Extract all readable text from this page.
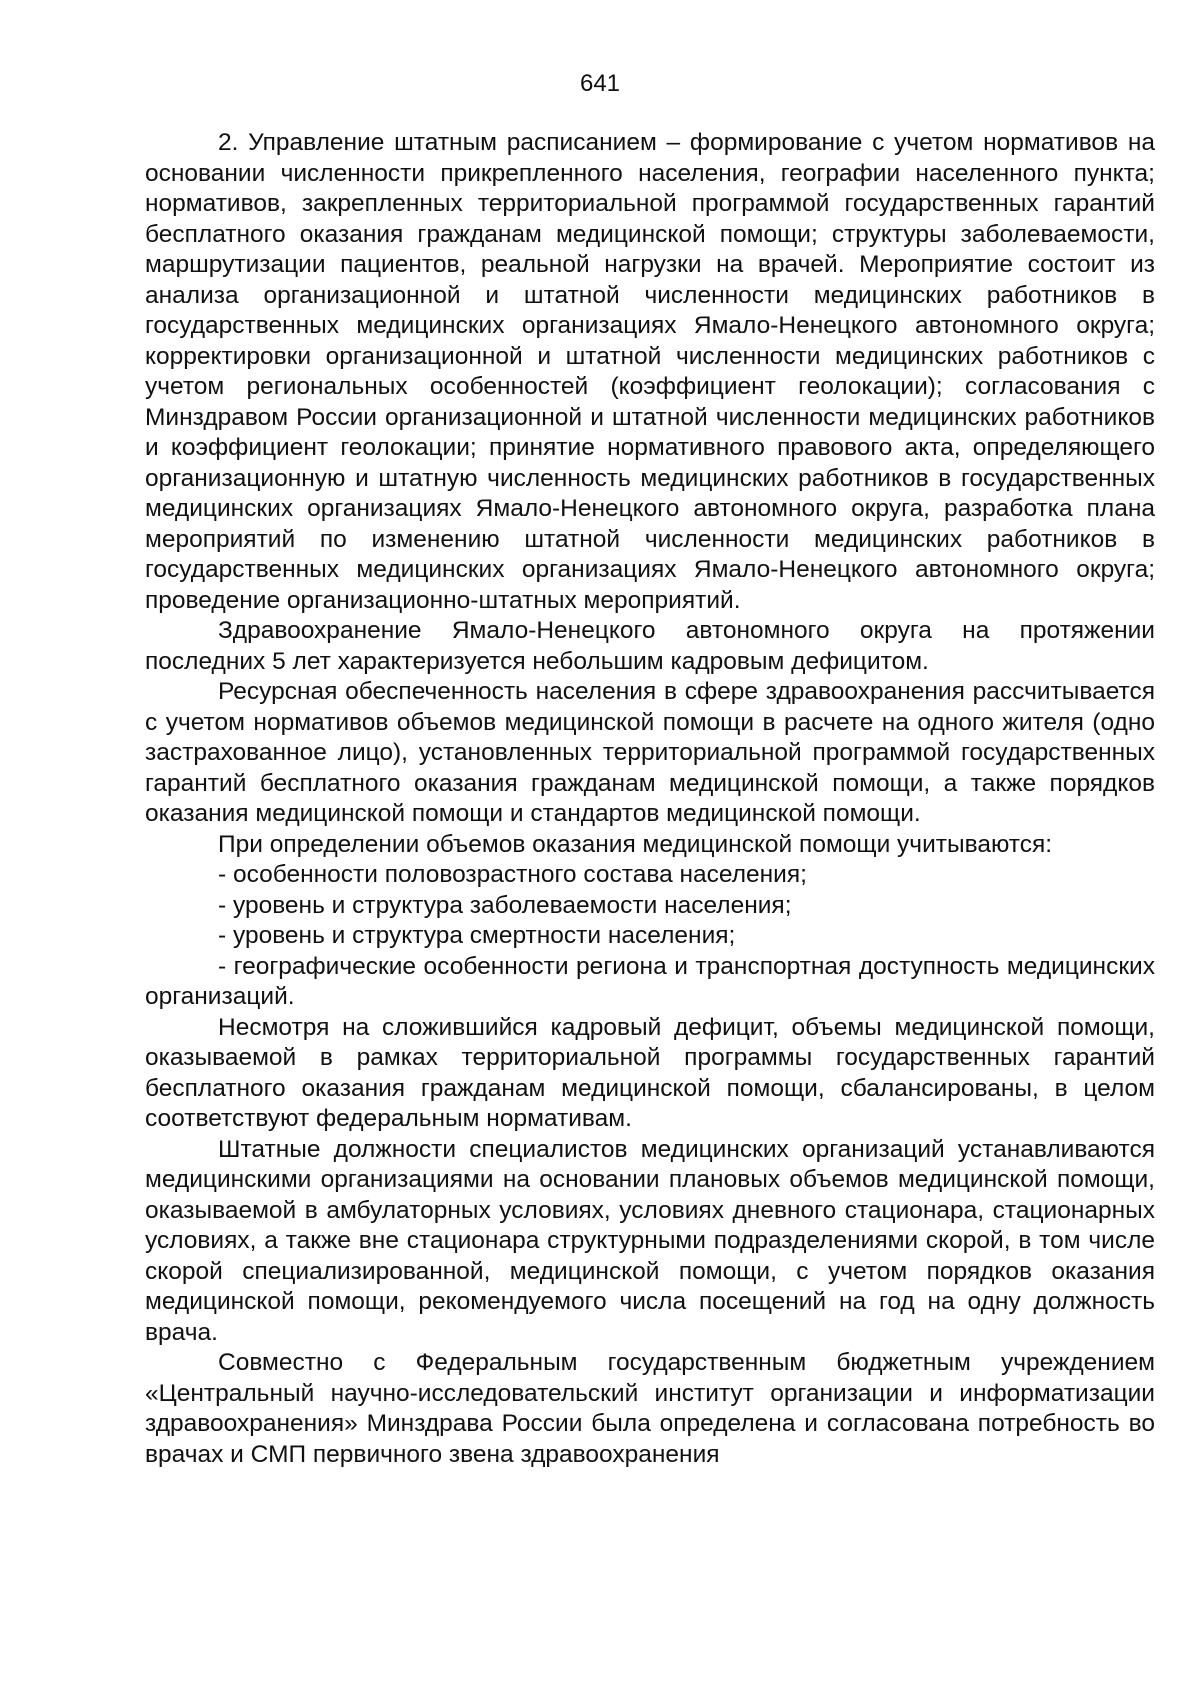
641

2. Управление штатным расписанием – формирование с учетом нормативов на основании численности прикрепленного населения, географии населенного пункта; нормативов, закрепленных территориальной программой государственных гарантий бесплатного оказания гражданам медицинской помощи; структуры заболеваемости, маршрутизации пациентов, реальной нагрузки на врачей. Мероприятие состоит из анализа организационной и штатной численности медицинских работников в государственных медицинских организациях Ямало-Ненецкого автономного округа; корректировки организационной и штатной численности медицинских работников с учетом региональных особенностей (коэффициент геолокации); согласования с Минздравом России организационной и штатной численности медицинских работников и коэффициент геолокации; принятие нормативного правового акта, определяющего организационную и штатную численность медицинских работников в государственных медицинских организациях Ямало-Ненецкого автономного округа, разработка плана мероприятий по изменению штатной численности медицинских работников в государственных медицинских организациях Ямало-Ненецкого автономного округа; проведение организационно-штатных мероприятий.

Здравоохранение Ямало-Ненецкого автономного округа на протяжении последних 5 лет характеризуется небольшим кадровым дефицитом.

Ресурсная обеспеченность населения в сфере здравоохранения рассчитывается с учетом нормативов объемов медицинской помощи в расчете на одного жителя (одно застрахованное лицо), установленных территориальной программой государственных гарантий бесплатного оказания гражданам медицинской помощи, а также порядков оказания медицинской помощи и стандартов медицинской помощи.

При определении объемов оказания медицинской помощи учитываются:

- особенности половозрастного состава населения;

- уровень и структура заболеваемости населения;

- уровень и структура смертности населения;

- географические особенности региона и транспортная доступность медицинских организаций.

Несмотря на сложившийся кадровый дефицит, объемы медицинской помощи, оказываемой в рамках территориальной программы государственных гарантий бесплатного оказания гражданам медицинской помощи, сбалансированы, в целом соответствуют федеральным нормативам.

Штатные должности специалистов медицинских организаций устанавливаются медицинскими организациями на основании плановых объемов медицинской помощи, оказываемой в амбулаторных условиях, условиях дневного стационара, стационарных условиях, а также вне стационара структурными подразделениями скорой, в том числе скорой специализированной, медицинской помощи, с учетом порядков оказания медицинской помощи, рекомендуемого числа посещений на год на одну должность врача.

Совместно с Федеральным государственным бюджетным учреждением «Центральный научно-исследовательский институт организации и информатизации здравоохранения» Минздрава России была определена и согласована потребность во врачах и СМП первичного звена здравоохранения
